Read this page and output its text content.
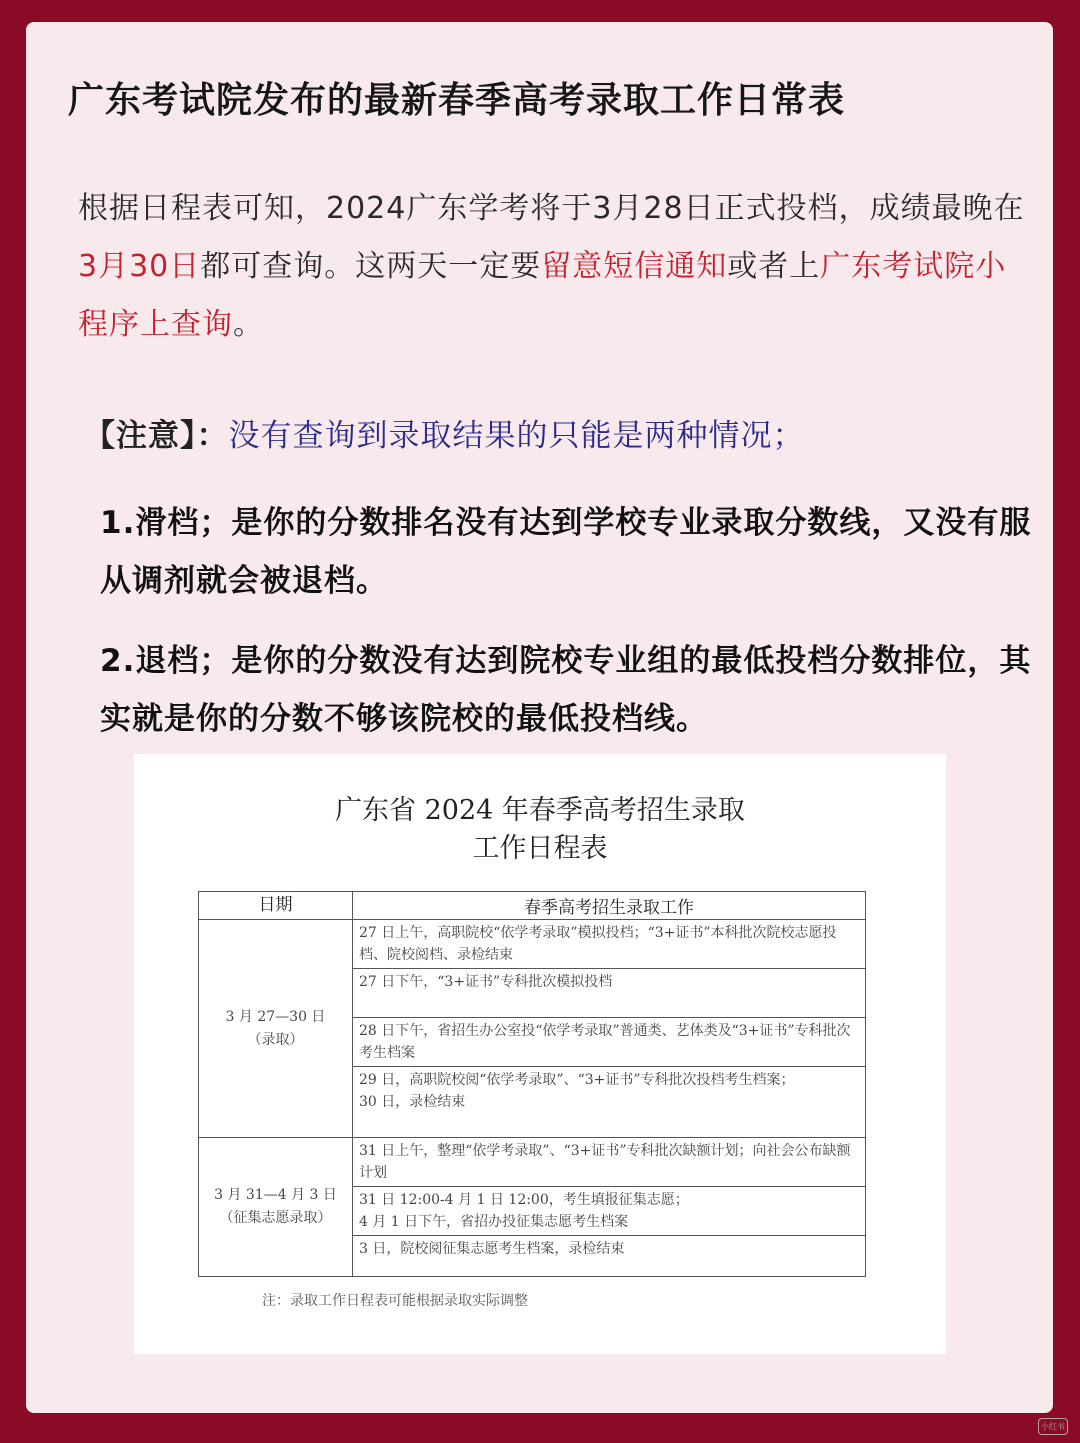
广东考试院发布的最新春季高考录取工作日常表
根据日程表可知，2024广东学考将于3月28日正式投档，成绩最晚在3月30日都可查询。这两天一定要留意短信通知或者上广东考试院小程序上查询。
【注意】：没有查询到录取结果的只能是两种情况；
1.滑档；是你的分数排名没有达到学校专业录取分数线，又没有服从调剂就会被退档。
2.退档；是你的分数没有达到院校专业组的最低投档分数排位，其实就是你的分数不够该院校的最低投档线。
广东省 2024 年春季高考招生录取
工作日程表
日期	春季高考招生录取工作

3 月 27—30 日
（录取）	27 日上午，高职院校“依学考录取”模拟投档；“3+证书”本科批次院校志愿投档、院校阅档、录检结束
	27 日下午，“3+证书”专科批次模拟投档
	28 日下午，省招生办公室投“依学考录取”普通类、艺体类及“3+证书”专科批次考生档案

	29 日，高职院校阅“依学考录取”、“3+证书”专科批次投档考生档案；
30 日，录检结束

3 月 31—4 月 3 日
（征集志愿录取）	31 日上午，整理“依学考录取”、“3+证书”专科批次缺额计划；向社会公布缺额计划

	31 日 12:00-4 月 1 日 12:00，考生填报征集志愿；
4 月 1 日下午，省招办投征集志愿考生档案

	3 日，院校阅征集志愿考生档案，录检结束
注：录取工作日程表可能根据录取实际调整
小红书
